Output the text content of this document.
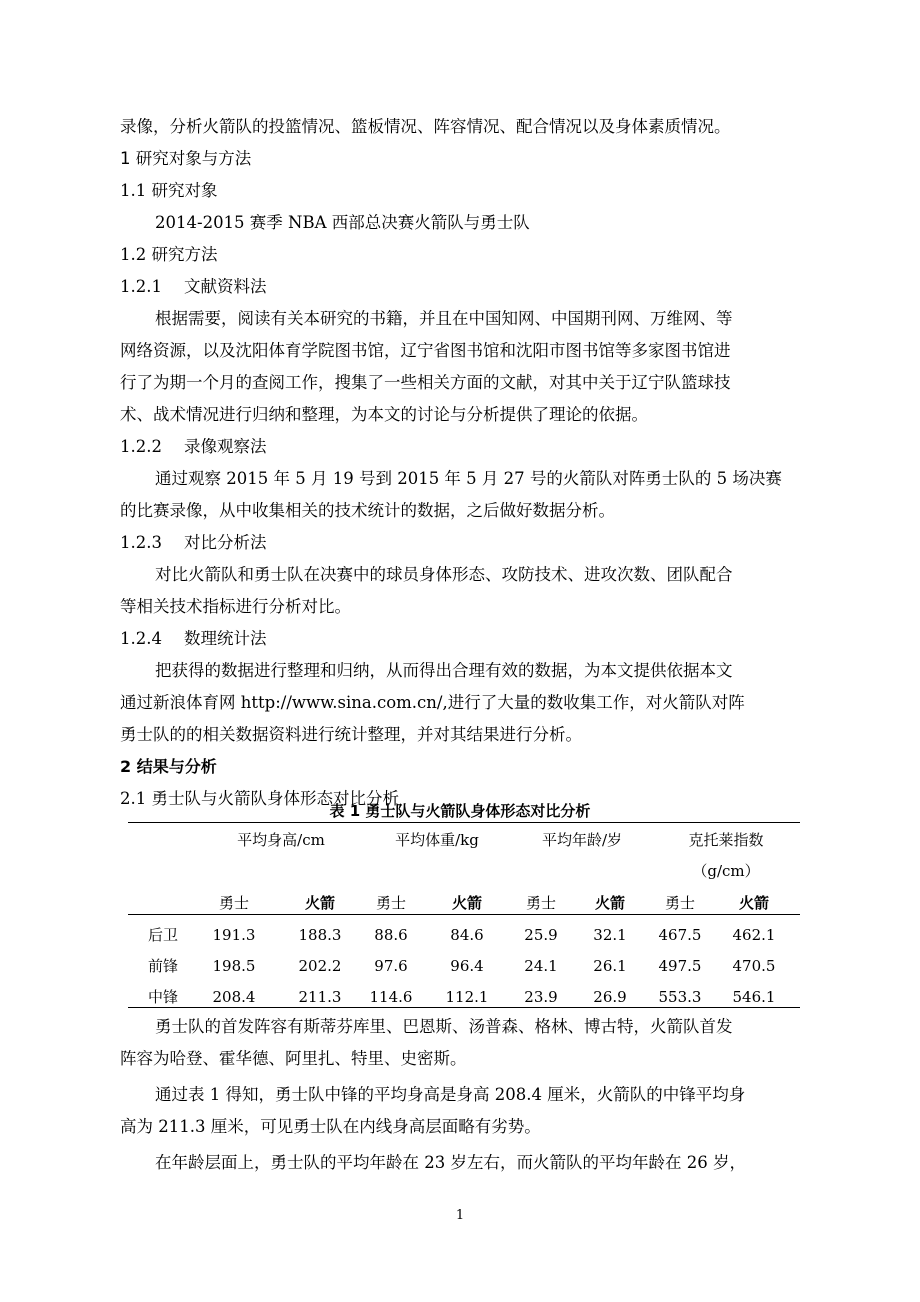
录像，分析火箭队的投篮情况、篮板情况、阵容情况、配合情况以及身体素质情况。
1 研究对象与方法
1.1 研究对象
2014-2015 赛季 NBA 西部总决赛火箭队与勇士队
1.2 研究方法
1.2.1 文献资料法
根据需要，阅读有关本研究的书籍，并且在中国知网、中国期刊网、万维网、等
网络资源，以及沈阳体育学院图书馆，辽宁省图书馆和沈阳市图书馆等多家图书馆进
行了为期一个月的查阅工作，搜集了一些相关方面的文献，对其中关于辽宁队篮球技
术、战术情况进行归纳和整理，为本文的讨论与分析提供了理论的依据。
1.2.2 录像观察法
通过观察 2015 年 5 月 19 号到 2015 年 5 月 27 号的火箭队对阵勇士队的 5 场决赛
的比赛录像，从中收集相关的技术统计的数据，之后做好数据分析。
1.2.3 对比分析法
对比火箭队和勇士队在决赛中的球员身体形态、攻防技术、进攻次数、团队配合
等相关技术指标进行分析对比。
1.2.4 数理统计法
把获得的数据进行整理和归纳，从而得出合理有效的数据，为本文提供依据本文
通过新浪体育网 http://www.sina.com.cn/,进行了大量的数收集工作，对火箭队对阵
勇士队的的相关数据资料进行统计整理，并对其结果进行分析。
2 结果与分析
2.1 勇士队与火箭队身体形态对比分析
表 1 勇士队与火箭队身体形态对比分析
平均身高/cm	平均体重/kg	平均年龄/岁	克托莱指数
（g/cm）
勇士	火箭	勇士	火箭	勇士	火箭	勇士	火箭
后卫	191.3	188.3	88.6	84.6	25.9	32.1	467.5	462.1
前锋	198.5	202.2	97.6	96.4	24.1	26.1	497.5	470.5
中锋	208.4	211.3	114.6	112.1	23.9	26.9	553.3	546.1
勇士队的首发阵容有斯蒂芬库里、巴恩斯、汤普森、格林、博古特，火箭队首发
阵容为哈登、霍华德、阿里扎、特里、史密斯。
通过表 1 得知，勇士队中锋的平均身高是身高 208.4 厘米，火箭队的中锋平均身
高为 211.3 厘米，可见勇士队在内线身高层面略有劣势。
在年龄层面上，勇士队的平均年龄在 23 岁左右，而火箭队的平均年龄在 26 岁，
1
